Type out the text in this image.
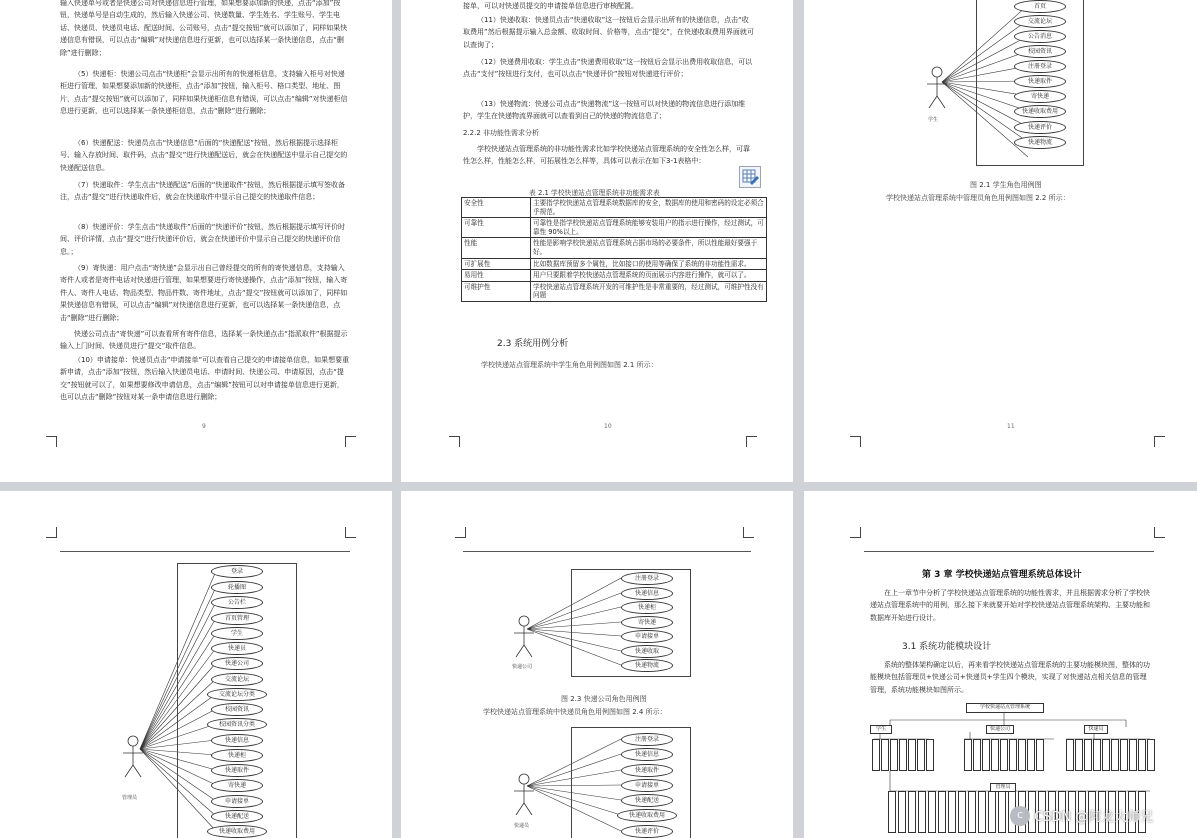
输入快递单号或者是快递公司对快递信息进行管理，如果想要添加新的快递，点击“添加”按钮，快递单号是自动生成的，然后输入快递公司、快递数量、学生姓名、学生账号、学生电话、快递员、快递员电话、配送时间、公司账号，点击“提交按钮”就可以添加了，同样如果快递信息有错误，可以点击“编辑”对快递信息进行更新，也可以选择某一条快递信息，点击“删除”进行删除；
（5）快递柜：快递公司点击“快递柜”会显示出所有的快递柜信息，支持输入柜号对快递柜进行管理，如果想要添加新的快递柜，点击“添加”按钮，输入柜号、格口类型、地址、图片，点击“提交按钮”就可以添加了，同样如果快递柜信息有错误，可以点击“编辑”对快递柜信息进行更新，也可以选择某一条快递柜信息，点击“删除”进行删除；
（6）快递配送：快递员点击“快递信息”后面的“快递配送”按钮，然后根据提示选择柜号、输入存放时间、取件码，点击“提交”进行快递配送后，就会在快递配送中显示自己提交的快递配送信息。
（7）快递取件：学生点击“快递配送”后面的“快递取件”按钮，然后根据提示填写签收备注，点击“提交”进行快递取件后，就会在快递取件中显示自己提交的快递取件信息；
（8）快递评价：学生点击“快递取件”后面的“快递评价”按钮，然后根据提示填写评价时间、评价详情，点击“提交”进行快递评价后，就会在快递评价中显示自己提交的快递评价信息。；
（9）寄快递：用户点击“寄快递”会显示出自己曾经提交的所有的寄快递信息，支持输入寄件人或者是寄件电话对快递进行管理，如果想要进行寄快递操作，点击“添加”按钮，输入寄件人、寄件人电话、物品类型、物品件数、寄件地址，点击“提交”按钮就可以添加了，同样如果快递信息有错误，可以点击“编辑”对快递信息进行更新，也可以选择某一条快递信息，点击“删除”进行删除；
快递公司点击“寄快递”可以查看所有寄件信息，选择某一条快递点击“指派取件”根据提示输入上门时间、快递员进行“提交”取件信息。
（10）申请接单：快递员点击“申请接单”可以查看自己提交的申请接单信息，如果想要重新申请，点击“添加”按钮，然后输入快递员电话、申请时间、快递公司、申请原因，点击“提交”按钮就可以了，如果想要修改申请信息，点击“编辑”按钮可以对申请接单信息进行更新，也可以点击“删除”按钮对某一条申请信息进行删除；
9
接单，可以对快递员提交的申请接单信息进行审核配置。
（11）快递收取：快递员点击“快递收取”这一按钮后会显示出所有的快递信息，点击“收取费用”然后根据提示输入总金额、收取时间、价格等，点击“提交”，在快递收取费用界面就可以查询了；
（12）快递费用收取：学生点击“快递费用收取”这一按钮后会显示出费用收取信息，可以点击“支付”按钮进行支付，也可以点击“快递评价”按钮对快递进行评价；
（13）快递物流：快递公司点击“快递物流”这一按钮可以对快递的物流信息进行添加维护，学生在快递物流界面就可以查看到自己的快递的物流信息了；
2.2.2 非功能性需求分析
学校快递站点管理系统的非功能性需求比如学校快递站点管理系统的安全性怎么样，可靠性怎么样，性能怎么样，可拓展性怎么样等，具体可以表示在如下3-1表格中：
表 2.1 学校快递站点管理系统非功能需求表
安全性	主要指学校快递站点管理系统数据库的安全，数据库的使用和密码的设定必须合乎规范。
可靠性	可靠性是指学校快递站点管理系统能够安装用户的指示进行操作，经过测试，可靠性 90%以上。
性能	性能是影响学校快递站点管理系统占据市场的必要条件，所以性能最好要强于好。
可扩展性	比如数据库预留多个属性，比如接口的使用等确保了系统的非功能性需求。
易用性	用户只要跟着学校快递站点管理系统的页面展示内容进行操作，就可以了。
可维护性	学校快递站点管理系统开发的可维护性是非常重要的，经过测试，可维护性没有问题
2.3 系统用例分析
学校快递站点管理系统中学生角色用例图如图 2.1 所示：
10
首页
交流论坛
公告消息
校园资讯
注册登录
快递取件
寄快递
快递收取费用
快递评价
快递物流
学生
图 2.1 学生角色用例图
学校快递站点管理系统中管理员角色用例图如图 2.2 所示：
11
登录
轮播图
公告栏
首页管理
学生
快递员
快递公司
交流论坛
交流论坛分类
校园资讯
校园资讯分类
快递信息
快递柜
快递取件
寄快递
申请接单
快递配送
快递收取费用
管理员
注册登录
快递信息
快递柜
寄快递
申请接单
快递收取
快递物流
快递公司
图 2.3 快递公司角色用例图
学校快递站点管理系统中快递员角色用例图如图 2.4 所示：
注册登录
快递信息
快递取件
申请接单
快递配送
快递收取费用
快递评价
快递员
第 3 章 学校快递站点管理系统总体设计
在上一章节中分析了学校快递站点管理系统的功能性需求，并且根据需求分析了学校快递站点管理系统中的用例，那么接下来就要开始对学校快递站点管理系统架构、主要功能和数据库开始进行设计。
3.1 系统功能模块设计
系统的整体架构确定以后，再来看学校快递站点管理系统的主要功能模块图，整体的功能模块包括管理员+快递公司+快递员+学生四个模块，实现了对快递站点相关信息的管理管理，系统功能模块如图所示。
学校快递站点管理系统
学生	快递公司	快递员
管理员
C CSDN @阿龙大师兄
